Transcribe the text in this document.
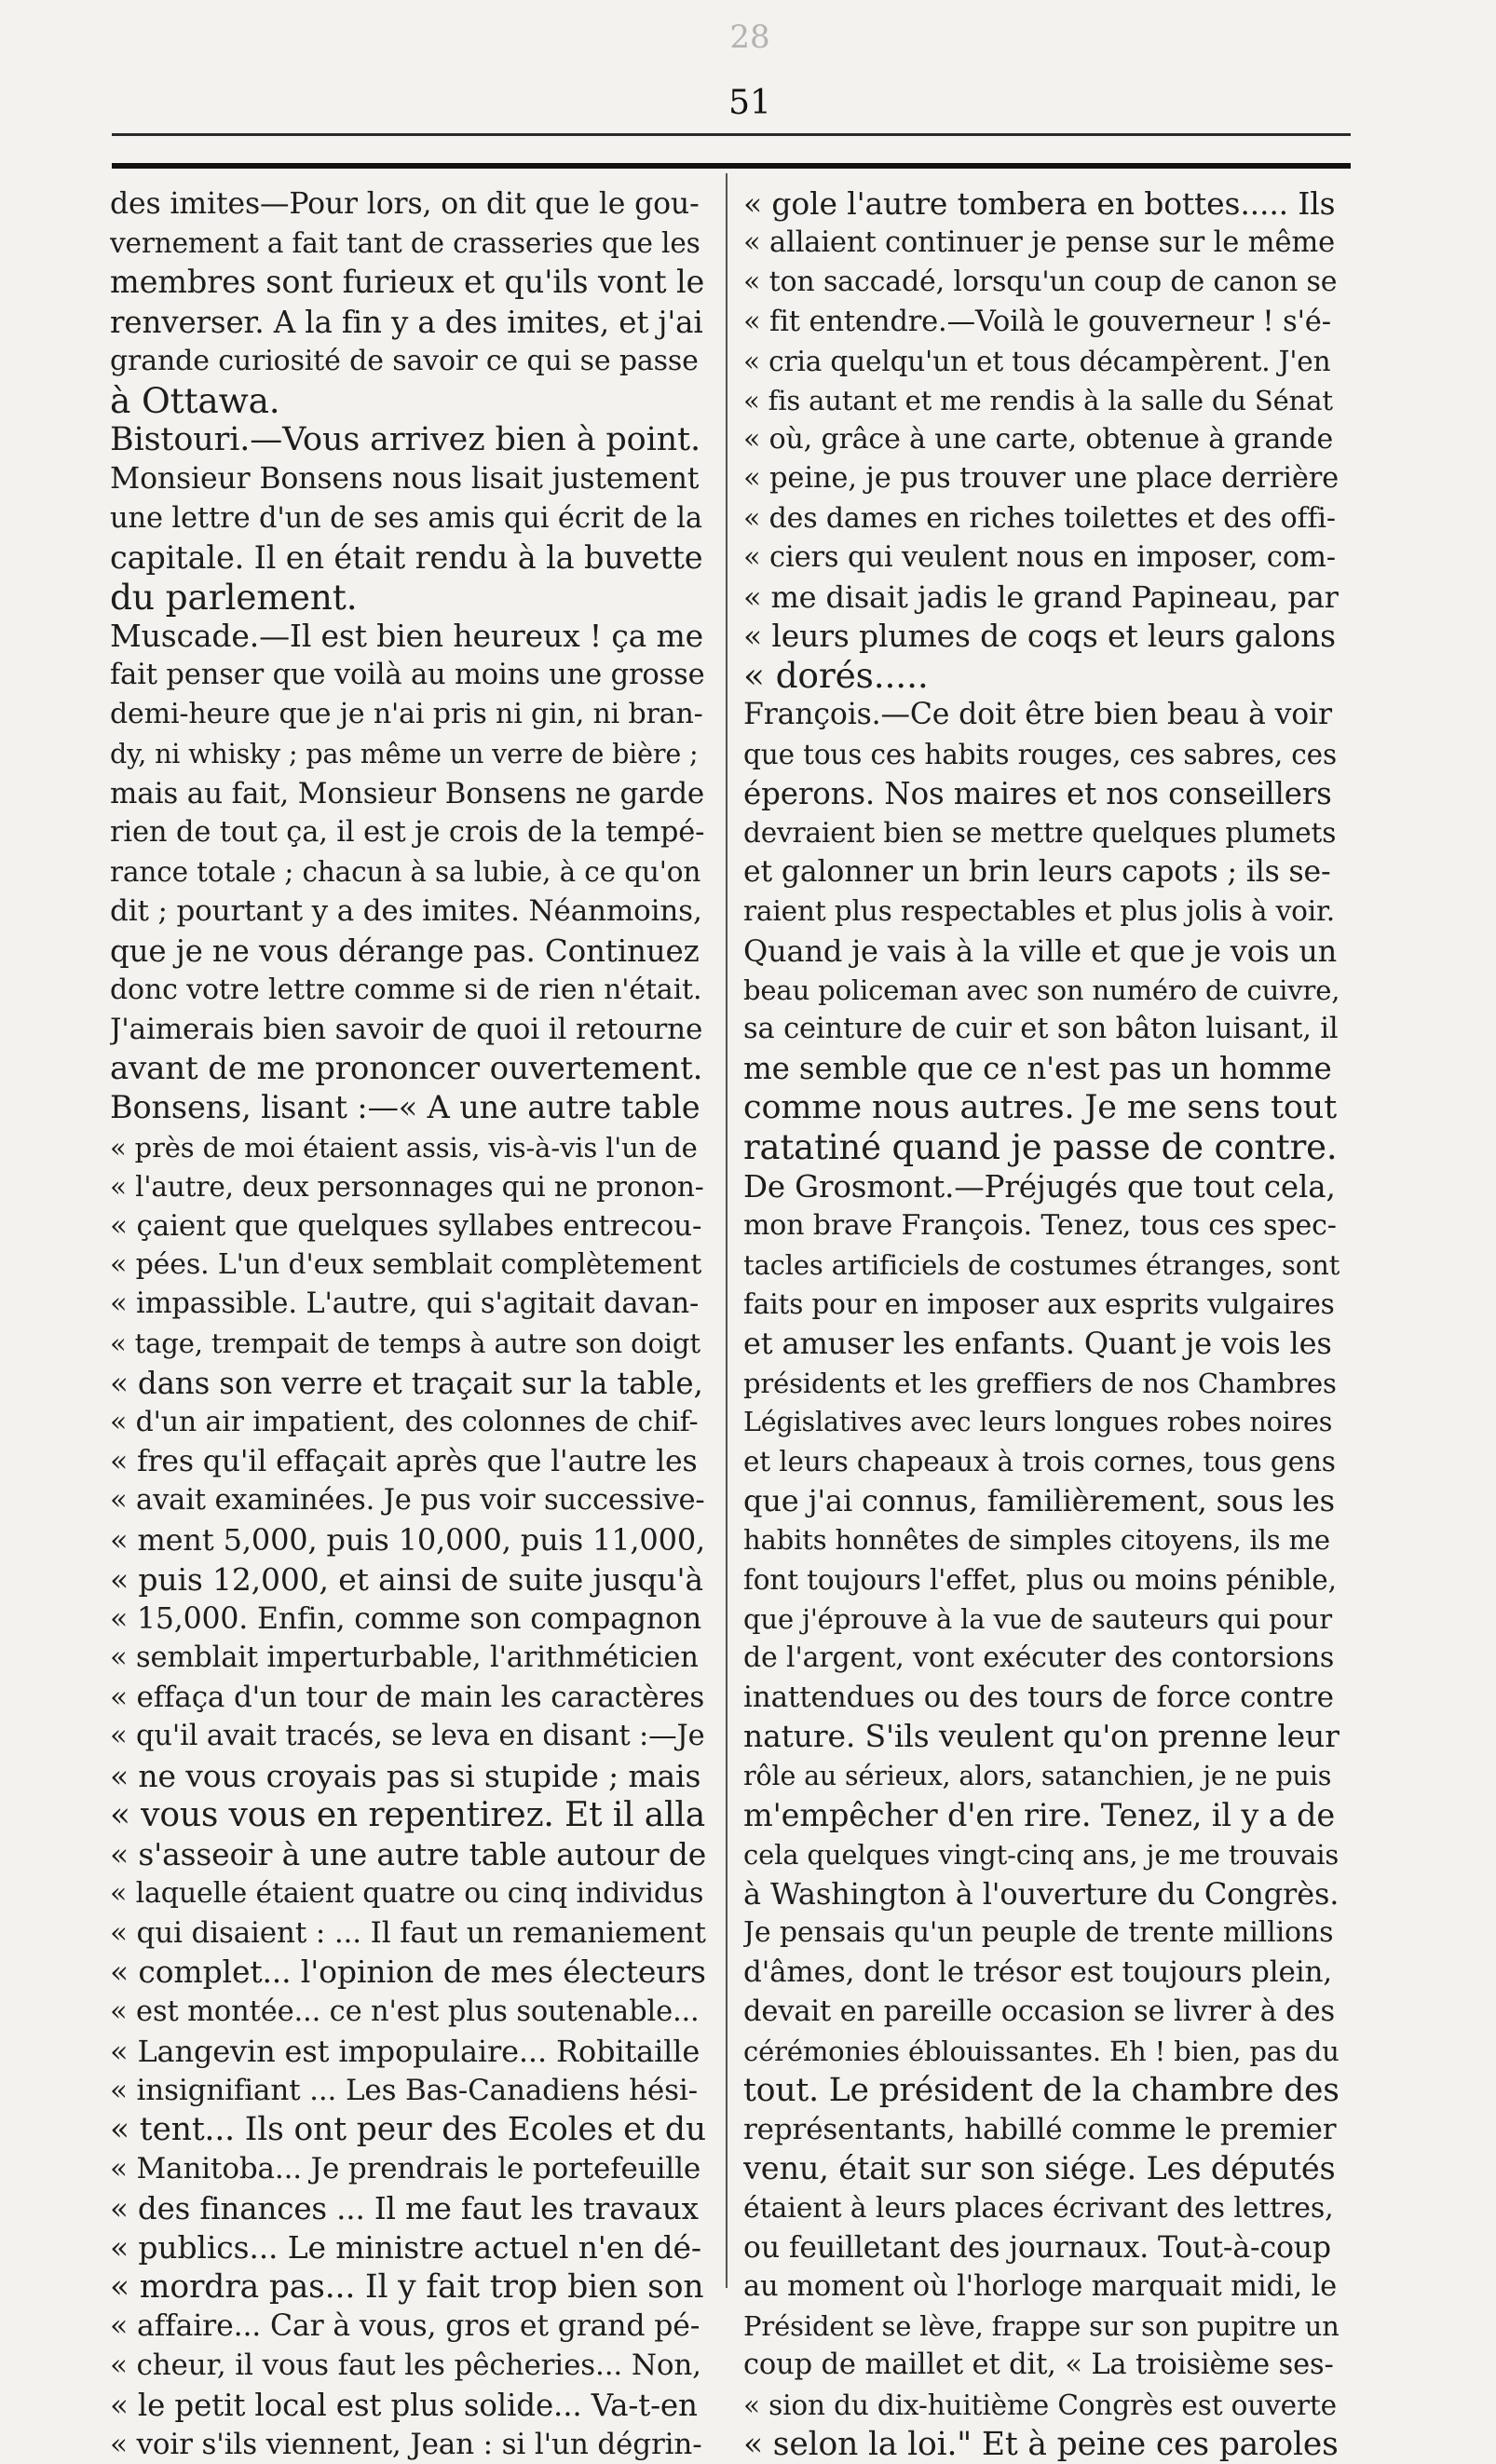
28
51
des imites—Pour lors, on dit que le gou-
vernement a fait tant de crasseries que les
membres sont furieux et qu'ils vont le
renverser. A la fin y a des imites, et j'ai
grande curiosité de savoir ce qui se passe
à Ottawa.
Bistouri.—Vous arrivez bien à point.
Monsieur Bonsens nous lisait justement
une lettre d'un de ses amis qui écrit de la
capitale. Il en était rendu à la buvette
du parlement.
Muscade.—Il est bien heureux ! ça me
fait penser que voilà au moins une grosse
demi-heure que je n'ai pris ni gin, ni bran-
dy, ni whisky ; pas même un verre de bière ;
mais au fait, Monsieur Bonsens ne garde
rien de tout ça, il est je crois de la tempé-
rance totale ; chacun à sa lubie, à ce qu'on
dit ; pourtant y a des imites. Néanmoins,
que je ne vous dérange pas. Continuez
donc votre lettre comme si de rien n'était.
J'aimerais bien savoir de quoi il retourne
avant de me prononcer ouvertement.
Bonsens, lisant :—« A une autre table
« près de moi étaient assis, vis-à-vis l'un de
« l'autre, deux personnages qui ne pronon-
« çaient que quelques syllabes entrecou-
« pées. L'un d'eux semblait complètement
« impassible. L'autre, qui s'agitait davan-
« tage, trempait de temps à autre son doigt
« dans son verre et traçait sur la table,
« d'un air impatient, des colonnes de chif-
« fres qu'il effaçait après que l'autre les
« avait examinées. Je pus voir successive-
« ment 5,000, puis 10,000, puis 11,000,
« puis 12,000, et ainsi de suite jusqu'à
« 15,000. Enfin, comme son compagnon
« semblait imperturbable, l'arithméticien
« effaça d'un tour de main les caractères
« qu'il avait tracés, se leva en disant :—Je
« ne vous croyais pas si stupide ; mais
« vous vous en repentirez. Et il alla
« s'asseoir à une autre table autour de
« laquelle étaient quatre ou cinq individus
« qui disaient : ... Il faut un remaniement
« complet... l'opinion de mes électeurs
« est montée... ce n'est plus soutenable...
« Langevin est impopulaire... Robitaille
« insignifiant ... Les Bas-Canadiens hési-
« tent... Ils ont peur des Ecoles et du
« Manitoba... Je prendrais le portefeuille
« des finances ... Il me faut les travaux
« publics... Le ministre actuel n'en dé-
« mordra pas... Il y fait trop bien son
« affaire... Car à vous, gros et grand pé-
« cheur, il vous faut les pêcheries... Non,
« le petit local est plus solide... Va-t-en
« voir s'ils viennent, Jean : si l'un dégrin-
« gole l'autre tombera en bottes..... Ils
« allaient continuer je pense sur le même
« ton saccadé, lorsqu'un coup de canon se
« fit entendre.—Voilà le gouverneur ! s'é-
« cria quelqu'un et tous décampèrent. J'en
« fis autant et me rendis à la salle du Sénat
« où, grâce à une carte, obtenue à grande
« peine, je pus trouver une place derrière
« des dames en riches toilettes et des offi-
« ciers qui veulent nous en imposer, com-
« me disait jadis le grand Papineau, par
« leurs plumes de coqs et leurs galons
« dorés.....
François.—Ce doit être bien beau à voir
que tous ces habits rouges, ces sabres, ces
éperons. Nos maires et nos conseillers
devraient bien se mettre quelques plumets
et galonner un brin leurs capots ; ils se-
raient plus respectables et plus jolis à voir.
Quand je vais à la ville et que je vois un
beau policeman avec son numéro de cuivre,
sa ceinture de cuir et son bâton luisant, il
me semble que ce n'est pas un homme
comme nous autres. Je me sens tout
ratatiné quand je passe de contre.
De Grosmont.—Préjugés que tout cela,
mon brave François. Tenez, tous ces spec-
tacles artificiels de costumes étranges, sont
faits pour en imposer aux esprits vulgaires
et amuser les enfants. Quant je vois les
présidents et les greffiers de nos Chambres
Législatives avec leurs longues robes noires
et leurs chapeaux à trois cornes, tous gens
que j'ai connus, familièrement, sous les
habits honnêtes de simples citoyens, ils me
font toujours l'effet, plus ou moins pénible,
que j'éprouve à la vue de sauteurs qui pour
de l'argent, vont exécuter des contorsions
inattendues ou des tours de force contre
nature. S'ils veulent qu'on prenne leur
rôle au sérieux, alors, satanchien, je ne puis
m'empêcher d'en rire. Tenez, il y a de
cela quelques vingt-cinq ans, je me trouvais
à Washington à l'ouverture du Congrès.
Je pensais qu'un peuple de trente millions
d'âmes, dont le trésor est toujours plein,
devait en pareille occasion se livrer à des
cérémonies éblouissantes. Eh ! bien, pas du
tout. Le président de la chambre des
représentants, habillé comme le premier
venu, était sur son siége. Les députés
étaient à leurs places écrivant des lettres,
ou feuilletant des journaux. Tout-à-coup
au moment où l'horloge marquait midi, le
Président se lève, frappe sur son pupitre un
coup de maillet et dit, « La troisième ses-
« sion du dix-huitième Congrès est ouverte
« selon la loi." Et à peine ces paroles
